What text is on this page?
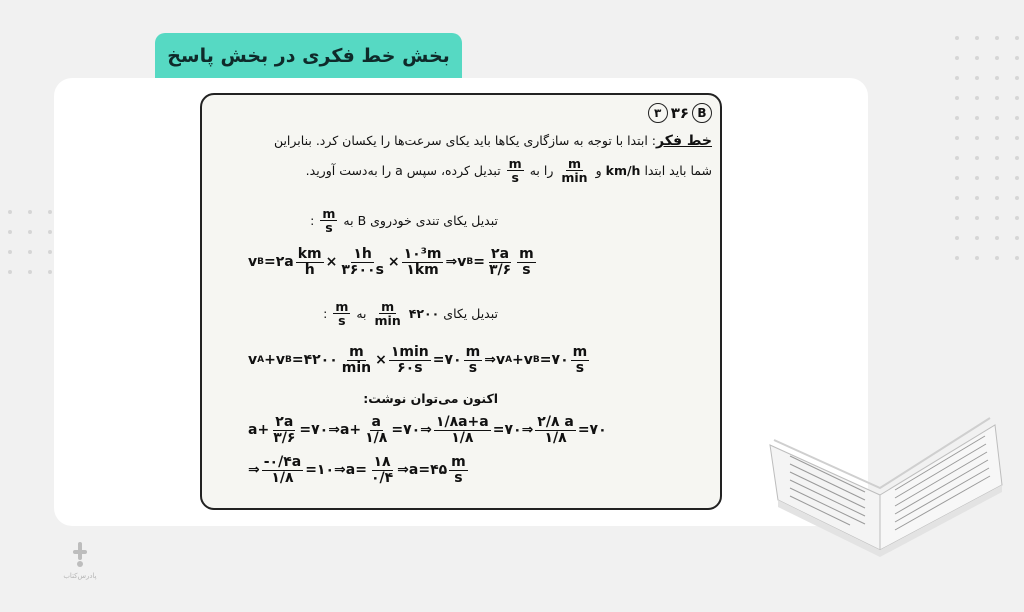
بخش خط فکری در بخش پاسخ
B
۳۶
۳
خط فکر: ابتدا با توجه به سازگاری یکاها باید یکای سرعت‌ها را یکسان کرد. بنابراین
شما باید ابتدا
km/h
و
$\frac{m}{\min}$
را به
$\frac{m}{s}$
تبدیل کرده، سپس a را به‌دست آورید.
تبدیل یکای تندی خودروی B به
$\frac{m}{s}$
:
v B =۲a $\frac{km}{h} \times \frac{۱h}{۳۶۰۰s} \times \frac{\text{۱۰³m}}{۱km}$ ⇒ v $B = \frac{۲a}{۳/۶} \frac{m}{s}$
تبدیل یکای
۴۲۰۰
$\frac{m}{\min}$
به
$\frac{m}{s}$
:
v A + v B =۴۲۰۰ $\frac{m}{\min} \times \frac{۱\min}{۶۰s}$ =۷۰ $\frac{m}{s}$ ⇒ v A + v B =۷۰ $\frac{m}{s}$
اکنون می‌توان نوشت:
$a+ \frac{۲a}{۳/۶}$ =۷۰ ⇒ $a+ \frac{a}{۱/۸}$ =۷۰ ⇒ $\frac{۱/۸a+a}{۱/۸}$ =۷۰ ⇒ $\frac{۲/۸ a}{۱/۸}$ =۷۰
⇒ $\frac{-۰/۴a}{۱/۸}$ =۱۰ ⇒ $a= \frac{۱۸}{۰/۴}$ ⇒ a=۴۵ $\frac{m}{s}$
پادرس‌کتاب
